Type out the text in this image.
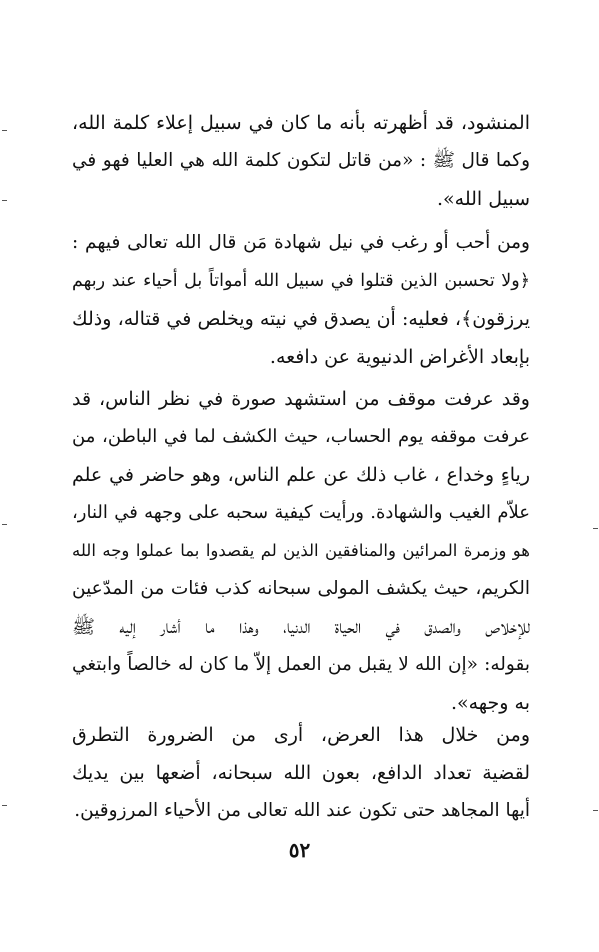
المنشود، قد أظهرته بأنه ما كان في سبيل إعلاء كلمة الله،
وكما قال ﷺ : «من قاتل لتكون كلمة الله هي العليا فهو في
سبيل الله».
ومن أحب أو رغب في نيل شهادة مَن قال الله تعالى فيهم :
﴿ولا تحسبن الذين قتلوا في سبيل الله أمواتاً بل أحياء عند ربهم
يرزقون﴾، فعليه: أن يصدق في نيته ويخلص في قتاله، وذلك
بإبعاد الأغراض الدنيوية عن دافعه.
وقد عرفت موقف من استشهد صورة في نظر الناس، قد
عرفت موقفه يوم الحساب، حيث الكشف لما في الباطن، من
رياءٍ وخداع ، غاب ذلك عن علم الناس، وهو حاضر في علم
علاّم الغيب والشهادة. ورأيت كيفية سحبه على وجهه في النار،
هو وزمرة المرائين والمنافقين الذين لم يقصدوا بما عملوا وجه الله
الكريم، حيث يكشف المولى سبحانه كذب فئات من المدّعين
للإخلاص والصدق في الحياة الدنيا، وهذا ما أشار إليه ﷺ
بقوله: «إن الله لا يقبل من العمل إلاّ ما كان له خالصاً وابتغي
به وجهه».
ومن خلال هذا العرض، أرى من الضرورة التطرق
لقضية تعداد الدافع، بعون الله سبحانه، أضعها بين يديك
أيها المجاهد حتى تكون عند الله تعالى من الأحياء المرزوقين.
٥٢
